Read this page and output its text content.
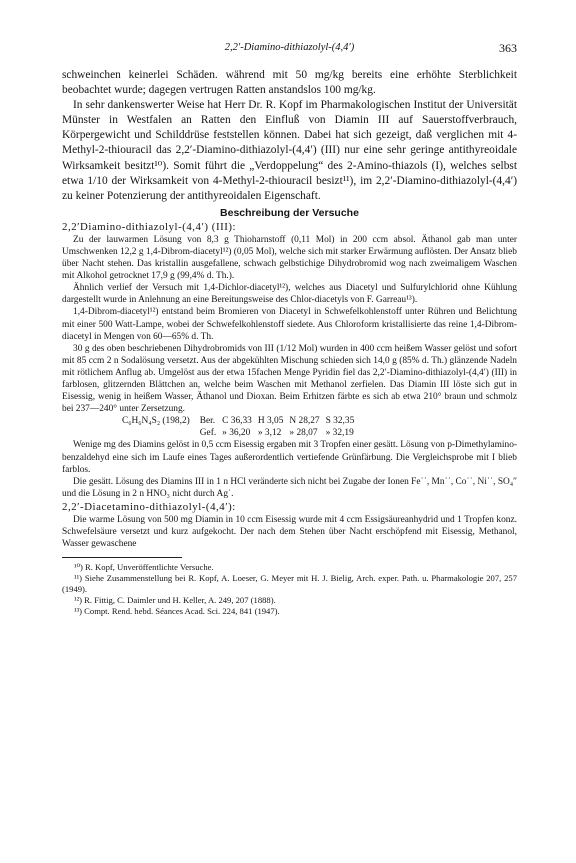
2,2′-Diamino-dithiazolyl-(4,4′)	363

schweinchen keinerlei Schäden. während mit 50 mg/kg bereits eine erhöhte Sterblichkeit beobachtet wurde; dagegen vertrugen Ratten anstandslos 100 mg/kg.

In sehr dankenswerter Weise hat Herr Dr. R. Kopf im Pharmakologischen Institut der Universität Münster in Westfalen an Ratten den Einfluß von Diamin III auf Sauerstoffverbrauch, Körpergewicht und Schilddrüse feststellen können. Dabei hat sich gezeigt, daß verglichen mit 4-Methyl-2-thiouracil das 2,2′-Diamino-dithiazolyl-(4,4′) (III) nur eine sehr geringe antithyreoidale Wirksamkeit besitzt¹⁰). Somit führt die „Verdoppelung“ des 2-Amino-thiazols (I), welches selbst etwa 1/10 der Wirksamkeit von 4-Methyl-2-thiouracil besizt¹¹), im 2,2′-Diamino-dithiazolyl-(4,4′) zu keiner Potenzierung der antithyreoidalen Eigenschaft.

Beschreibung der Versuche

2,2′Diamino-dithiazolyl-(4,4′) (III):

Zu der lauwarmen Lösung von 8,3 g Thioharnstoff (0,11 Mol) in 200 ccm absol. Äthanol gab man unter Umschwenken 12,2 g 1,4-Dibrom-diacetyl¹²) (0,05 Mol), welche sich mit starker Erwärmung auflösten. Der Ansatz blieb über Nacht stehen. Das kristallin ausgefallene, schwach gelbstichige Dihydrobromid wog nach zweimaligem Waschen mit Alkohol getrocknet 17,9 g (99,4% d. Th.).

Ähnlich verlief der Versuch mit 1,4-Dichlor-diacetyl¹²), welches aus Diacetyl und Sulfurylchlorid ohne Kühlung dargestellt wurde in Anlehnung an eine Bereitungsweise des Chlor-diacetyls von F. Garreau¹³).

1,4-Dibrom-diacetyl¹²) entstand beim Bromieren von Diacetyl in Schwefelkohlenstoff unter Rühren und Belichtung mit einer 500 Watt-Lampe, wobei der Schwefelkohlenstoff siedete. Aus Chloroform kristallisierte das reine 1,4-Dibrom-diacetyl in Mengen von 60—65% d. Th.

30 g des oben beschriebenen Dihydrobromids von III (1/12 Mol) wurden in 400 ccm heißem Wasser gelöst und sofort mit 85 ccm 2 n Sodalösung versetzt. Aus der abgekühlten Mischung schieden sich 14,0 g (85% d. Th.) glänzende Nadeln mit rötlichem Anflug ab. Umgelöst aus der etwa 15fachen Menge Pyridin fiel das 2,2′-Diamino-dithiazolyl-(4,4′) (III) in farblosen, glitzernden Blättchen an, welche beim Waschen mit Methanol zerfielen. Das Diamin III löste sich gut in Eisessig, wenig in heißem Wasser, Äthanol und Dioxan. Beim Erhitzen färbte es sich ab etwa 210° braun und schmolz bei 237—240° unter Zersetzung.

C₆H₆N₄S₂ (198,2)	Ber.	C 36,33	H 3,05	N 28,27	S 32,35
	Gef.	» 36,20	» 3,12	» 28,07	» 32,19

Wenige mg des Diamins gelöst in 0,5 ccm Eisessig ergaben mit 3 Tropfen einer gesätt. Lösung von p-Dimethylamino-benzaldehyd eine sich im Laufe eines Tages außerordentlich vertiefende Grünfärbung. Die Vergleichsprobe mit I blieb farblos.

Die gesätt. Lösung des Diamins III in 1 n HCl veränderte sich nicht bei Zugabe der Ionen Fe˙˙, Mn˙˙, Co˙˙, Ni˙˙, SO₄″ und die Lösung in 2 n HNO₃ nicht durch Ag˙.

2,2′-Diacetamino-dithiazolyl-(4,4′):

Die warme Lösung von 500 mg Diamin in 10 ccm Eisessig wurde mit 4 ccm Essigsäureanhydrid und 1 Tropfen konz. Schwefelsäure versetzt und kurz aufgekocht. Der nach dem Stehen über Nacht erschöpfend mit Eisessig, Methanol, Wasser gewaschene

¹⁰) R. Kopf, Unveröffentlichte Versuche.

¹¹) Siehe Zusammenstellung bei R. Kopf, A. Loeser, G. Meyer mit H. J. Bielig, Arch. exper. Path. u. Pharmakologie 207, 257 (1949).

¹²) R. Fittig, C. Daimler und H. Keller, A. 249, 207 (1888).

¹³) Compt. Rend. hebd. Séances Acad. Sci. 224, 841 (1947).
